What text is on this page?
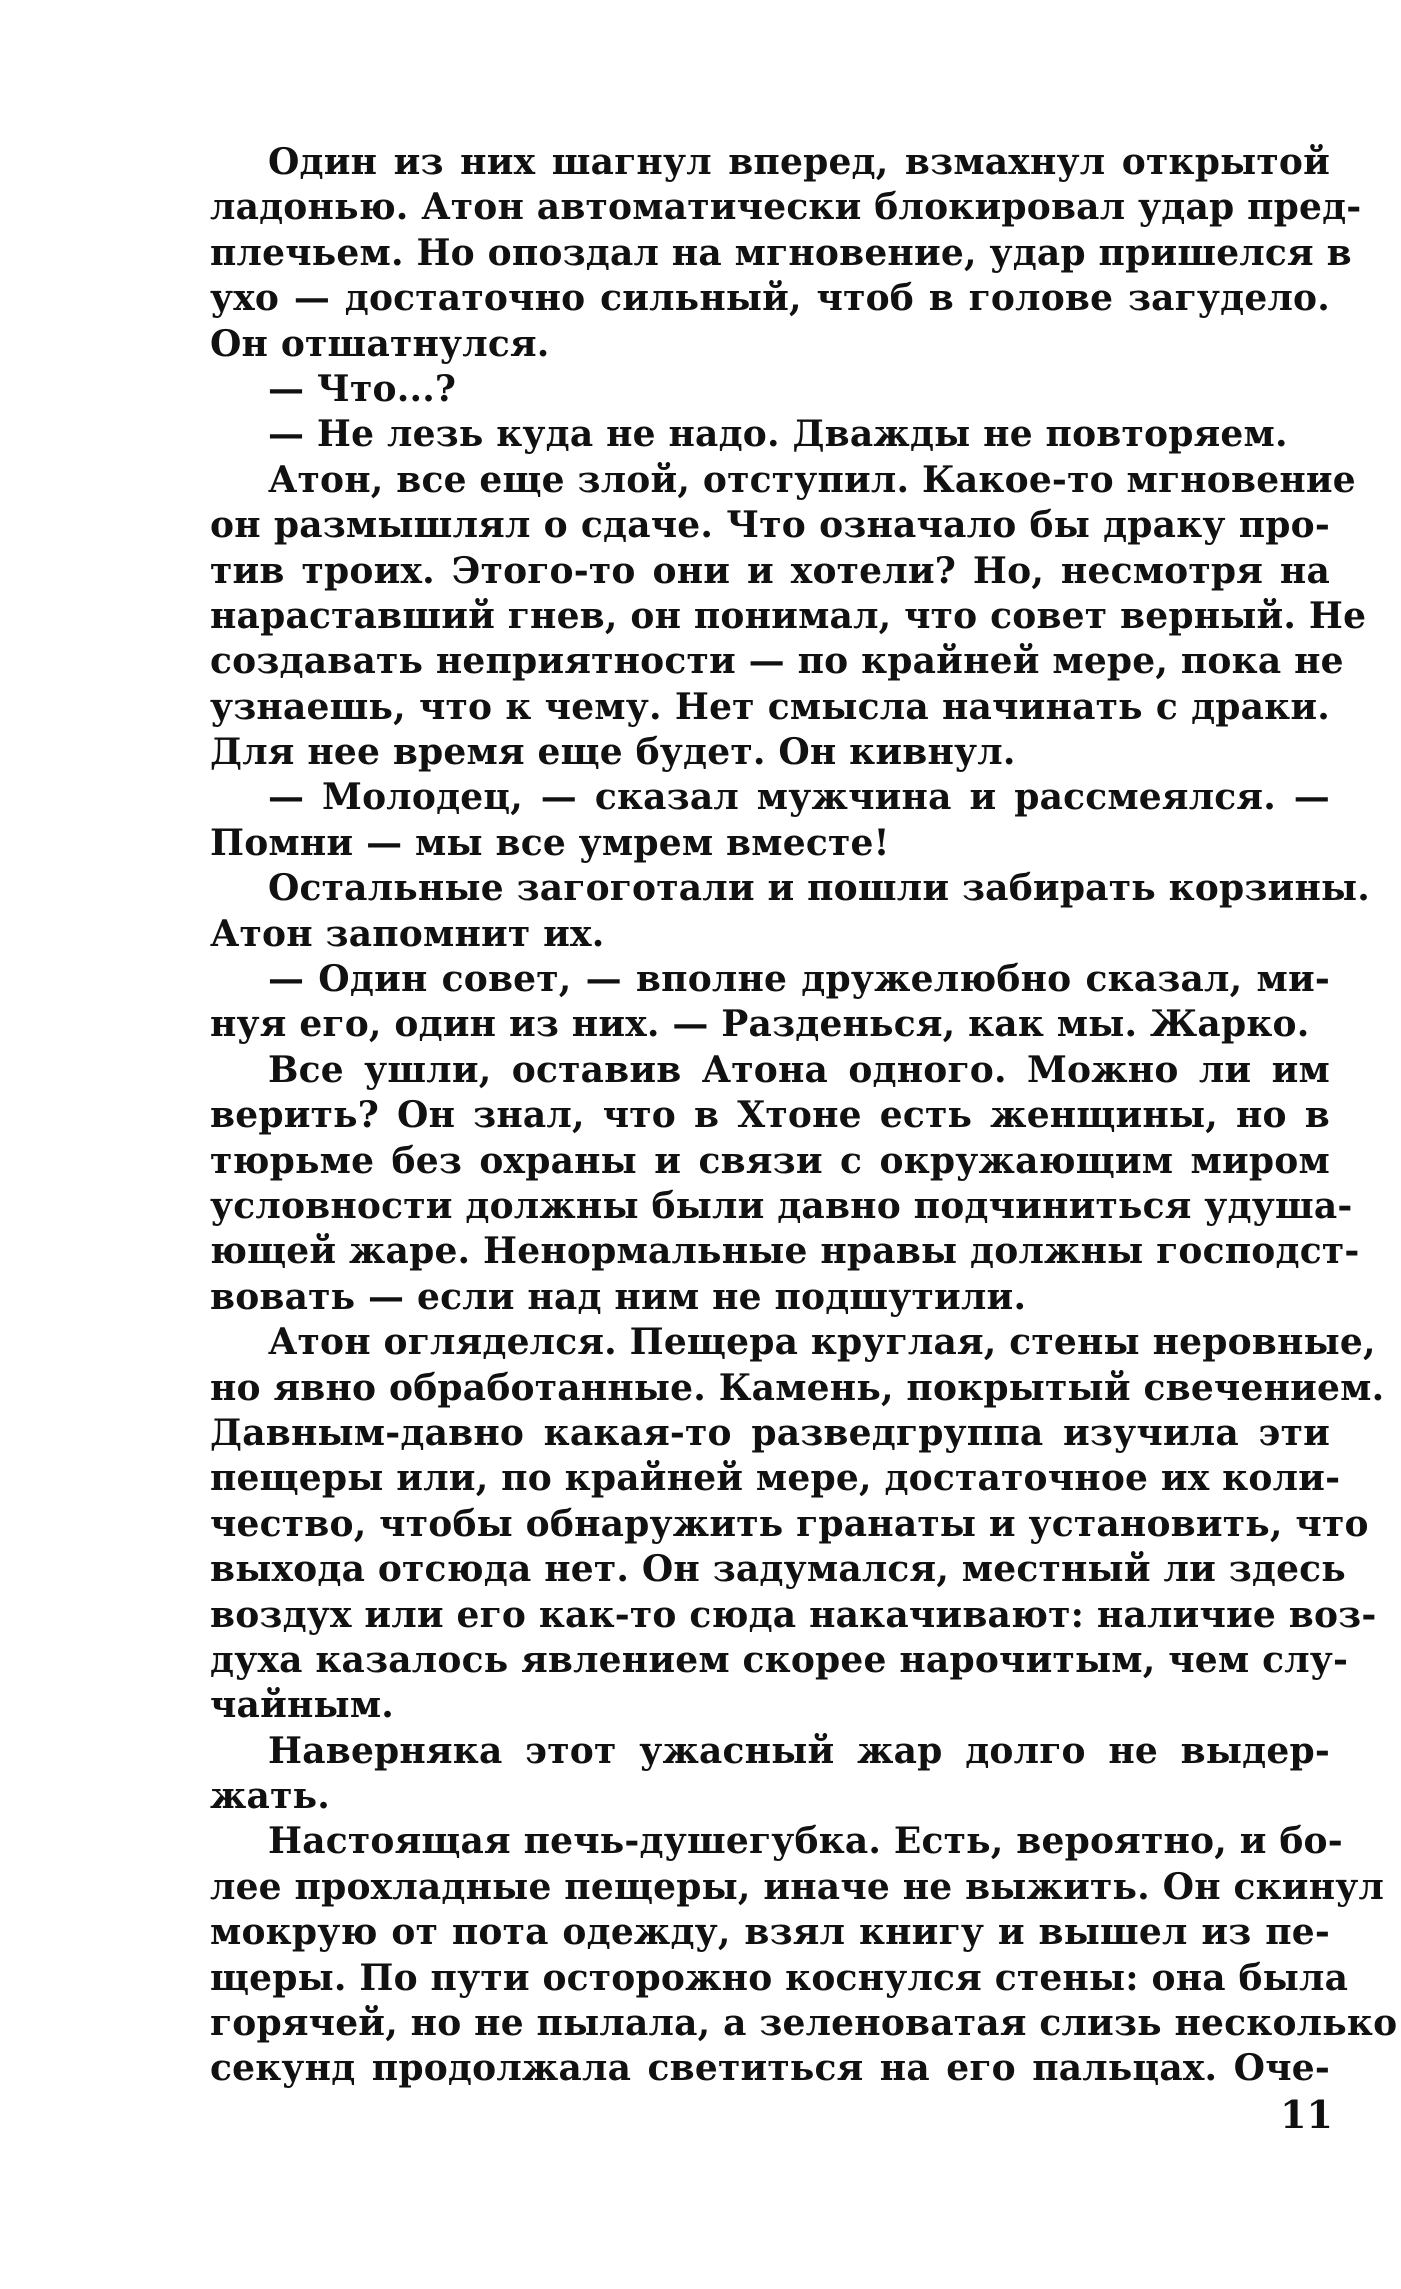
Один из них шагнул вперед, взмахнул открытой
ладонью. Атон автоматически блокировал удар пред-
плечьем. Но опоздал на мгновение, удар пришелся в
ухо — достаточно сильный, чтоб в голове загудело.
Он отшатнулся.
— Что...?
— Не лезь куда не надо. Дважды не повторяем.
Атон, все еще злой, отступил. Какое-то мгновение
он размышлял о сдаче. Что означало бы драку про-
тив троих. Этого-то они и хотели? Но, несмотря на
нараставший гнев, он понимал, что совет верный. Не
создавать неприятности — по крайней мере, пока не
узнаешь, что к чему. Нет смысла начинать с драки.
Для нее время еще будет. Он кивнул.
— Молодец, — сказал мужчина и рассмеялся. —
Помни — мы все умрем вместе!
Остальные загоготали и пошли забирать корзины.
Атон запомнит их.
— Один совет, — вполне дружелюбно сказал, ми-
нуя его, один из них. — Разденься, как мы. Жарко.
Все ушли, оставив Атона одного. Можно ли им
верить? Он знал, что в Хтоне есть женщины, но в
тюрьме без охраны и связи с окружающим миром
условности должны были давно подчиниться удуша-
ющей жаре. Ненормальные нравы должны господст-
вовать — если над ним не подшутили.
Атон огляделся. Пещера круглая, стены неровные,
но явно обработанные. Камень, покрытый свечением.
Давным-давно какая-то разведгруппа изучила эти
пещеры или, по крайней мере, достаточное их коли-
чество, чтобы обнаружить гранаты и установить, что
выхода отсюда нет. Он задумался, местный ли здесь
воздух или его как-то сюда накачивают: наличие воз-
духа казалось явлением скорее нарочитым, чем слу-
чайным.
Наверняка этот ужасный жар долго не выдер-
жать.
Настоящая печь-душегубка. Есть, вероятно, и бо-
лее прохладные пещеры, иначе не выжить. Он скинул
мокрую от пота одежду, взял книгу и вышел из пе-
щеры. По пути осторожно коснулся стены: она была
горячей, но не пылала, а зеленоватая слизь несколько
секунд продолжала светиться на его пальцах. Оче-
11
